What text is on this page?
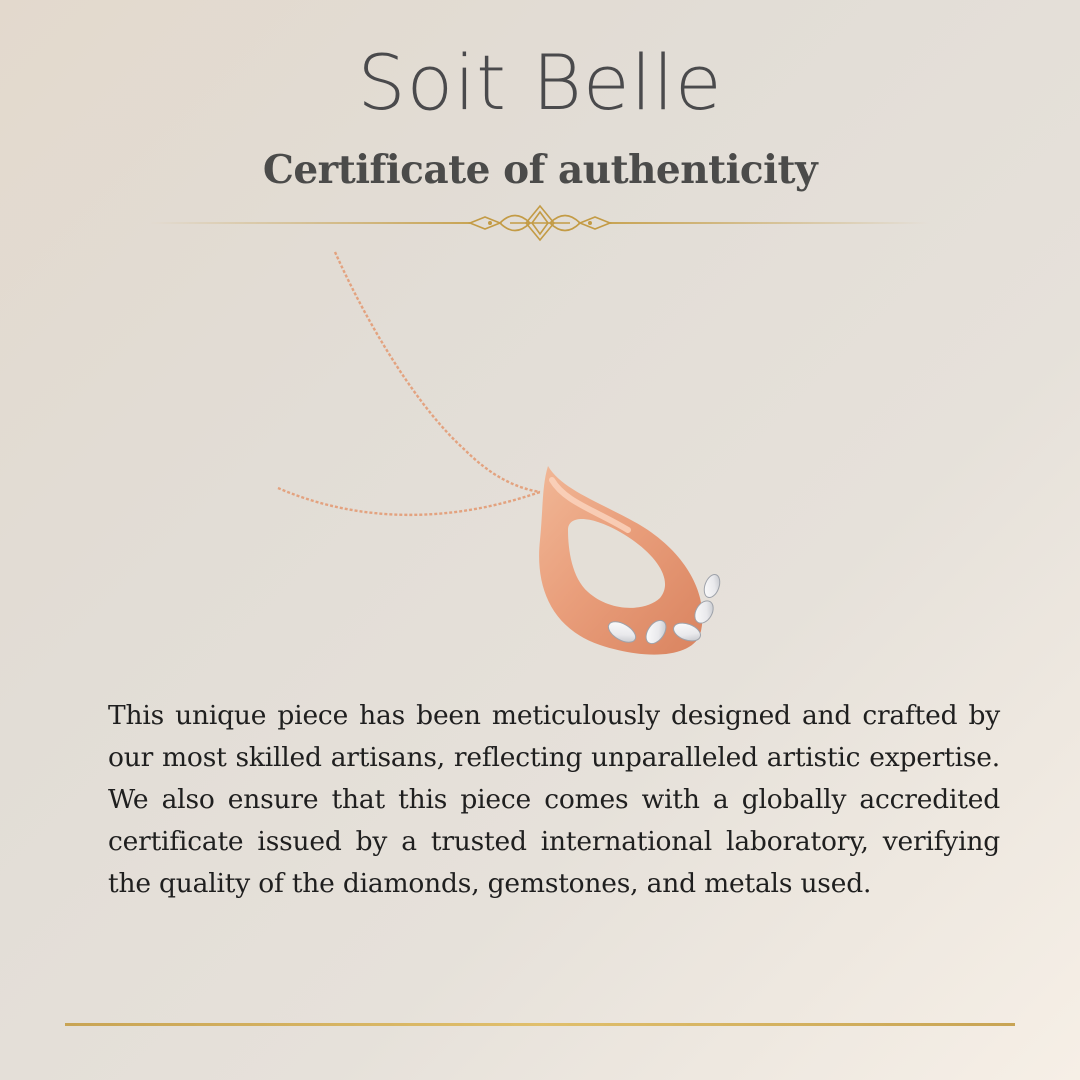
Soit Belle
Certificate of authenticity
This unique piece has been meticulously designed and crafted by our most skilled artisans, reflecting unparalleled artistic expertise. We also ensure that this piece comes with a globally accredited certificate issued by a trusted international laboratory, verifying the quality of the diamonds, gemstones, and metals used.
